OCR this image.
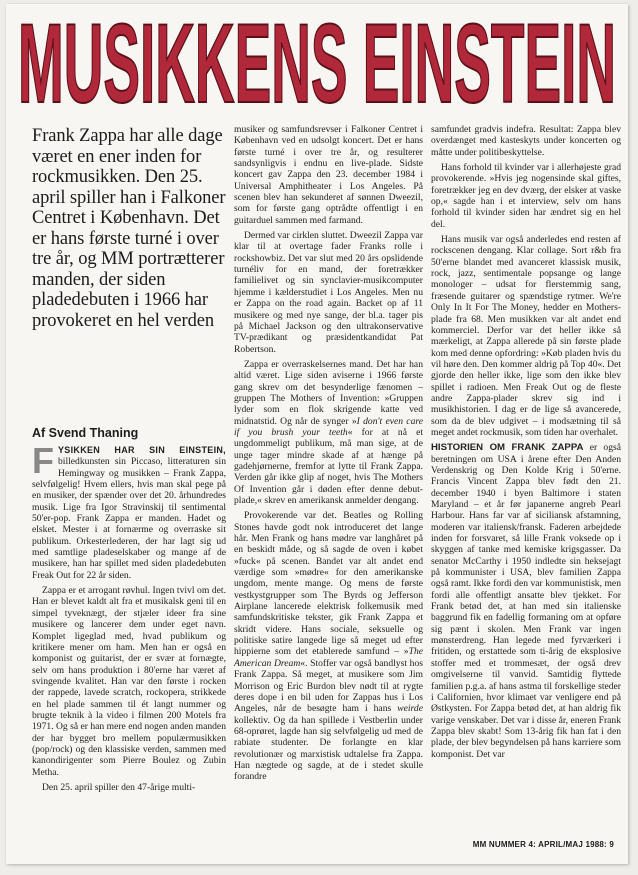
MUSIKKENS EINSTEIN
Frank Zappa har alle dage været en ener inden for rockmusikken. Den 25. april spiller han i Falkoner Centret i København. Det er hans første turné i over tre år, og MM portrætterer manden, der siden pladedebuten i 1966 har provokeret en hel verden
Af Svend Thaning

FYSIKKEN HAR SIN EINSTEIN, billedkunsten sin Piccaso, litteraturen sin Hemingway og musikken – Frank Zappa, selvfølgelig! Hvem ellers, hvis man skal pege på en musiker, der spænder over det 20. århundredes musik. Lige fra Igor Stravinskij til sentimental 50'er-pop. Frank Zappa er manden. Hadet og elsket. Mester i at fornærme og overraske sit publikum. Orkesterlederen, der har lagt sig ud med samtlige pladeselskaber og mange af de musikere, han har spillet med siden pladedebuten Freak Out for 22 år siden.

Zappa er et arrogant røvhul. Ingen tvivl om det. Han er blevet kaldt alt fra et musikalsk geni til en simpel tyveknægt, der stjæler ideer fra sine musikere og lancerer dem under eget navn. Komplet ligeglad med, hvad publikum og kritikere mener om ham. Men han er også en komponist og guitarist, der er svær at fornægte, selv om hans produktion i 80'erne har været af svingende kvalitet. Han var den første i rocken der rappede, lavede scratch, rockopera, strikkede en hel plade sammen til ét langt nummer og brugte teknik à la video i filmen 200 Motels fra 1971. Og så er han mere end nogen anden manden der har bygget bro mellem populærmusikken (pop/rock) og den klassiske verden, sammen med kanondirigenter som Pierre Boulez og Zubin Metha.

Den 25. april spiller den 47-årige multi-

musiker og samfundsrevser i Falkoner Centret i København ved en udsolgt koncert. Det er hans første turné i over tre år, og resulterer sandsynligvis i endnu en live-plade. Sidste koncert gav Zappa den 23. december 1984 i Universal Amphitheater i Los Angeles. På scenen blev han sekunderet af sønnen Dweezil, som for første gang optrådte offentligt i en guitarduel sammen med farmand.

Dermed var cirklen sluttet. Dweezil Zappa var klar til at overtage fader Franks rolle i rockshowbiz. Det var slut med 20 års opslidende turnéliv for en mand, der foretrækker familielivet og sin synclavier-musikcomputer hjemme i kælderstudiet i Los Angeles. Men nu er Zappa on the road again. Backet op af 11 musikere og med nye sange, der bl.a. tager pis på Michael Jackson og den ultrakonservative TV-prædikant og præsidentkandidat Pat Robertson.

Zappa er overraskelsernes mand. Det har han altid været. Lige siden aviserne i 1966 første gang skrev om det besynderlige fænomen – gruppen The Mothers of Invention: »Gruppen lyder som en flok skrigende katte ved midnatstid. Og når de synger »I don't even care if you brush your teeth« for at nå et ungdommeligt publikum, må man sige, at de unge tager mindre skade af at hænge på gadehjørnerne, fremfor at lytte til Frank Zappa. Verden går ikke glip af noget, hvis The Mothers Of Invention går i døden efter denne debut-plade,« skrev en amerikansk anmelder dengang.

Provokerende var det. Beatles og Rolling Stones havde godt nok introduceret det lange hår. Men Frank og hans mødre var langhåret på en beskidt måde, og så sagde de oven i købet »fuck« på scenen. Bandet var alt andet end værdige som »mødre« for den amerikanske ungdom, mente mange. Og mens de første vestkystgrupper som The Byrds og Jefferson Airplane lancerede elektrisk folkemusik med samfundskritiske tekster, gik Frank Zappa et skridt videre. Hans sociale, seksuelle og politiske satire langede lige så meget ud efter hippierne som det etablerede samfund – »The American Dream«. Stoffer var også bandlyst hos Frank Zappa. Så meget, at musikere som Jim Morrison og Eric Burdon blev nødt til at rygte deres dope i en bil uden for Zappas hus i Los Angeles, når de besøgte ham i hans weirde kollektiv. Og da han spillede i Vestberlin under 68-oprøret, lagde han sig selvfølgelig ud med de rabiate studenter. De forlangte en klar revolutionær og marxistisk udtalelse fra Zappa. Han nægtede og sagde, at de i stedet skulle forandre

samfundet gradvis indefra. Resultat: Zappa blev overdænget med kasteskyts under koncerten og måtte under politibeskyttelse.

Hans forhold til kvinder var i allerhøjeste grad provokerende. »Hvis jeg nogensinde skal giftes, foretrækker jeg en dev dværg, der elsker at vaske op,« sagde han i et interview, selv om hans forhold til kvinder siden har ændret sig en hel del.

Hans musik var også anderledes end resten af rockscenen dengang. Klar collage. Sort r&b fra 50'erne blandet med avanceret klassisk musik, rock, jazz, sentimentale popsange og lange monologer – udsat for flerstemmig sang, fræsende guitarer og spændstige rytmer. We're Only In It For The Money, hedder en Mothers-plade fra 68. Men musikken var alt andet end kommerciel. Derfor var det heller ikke så mærkeligt, at Zappa allerede på sin første plade kom med denne opfordring: »Køb pladen hvis du vil høre den. Den kommer aldrig på Top 40«. Det gjorde den heller ikke, lige som den ikke blev spillet i radioen. Men Freak Out og de fleste andre Zappa-plader skrev sig ind i musikhistorien. I dag er de lige så avancerede, som da de blev udgivet – i modsætning til så meget andet rockmusik, som tiden har overhalet.

HISTORIEN OM FRANK ZAPPA er også beretningen om USA i årene efter Den Anden Verdenskrig og Den Kolde Krig i 50'erne. Francis Vincent Zappa blev født den 21. december 1940 i byen Baltimore i staten Maryland – et år før japanerne angreb Pearl Harbour. Hans far var af siciliansk afstamning, moderen var italiensk/fransk. Faderen arbejdede inden for forsvaret, så lille Frank voksede op i skyggen af tanke med kemiske krigsgasser. Da senator McCarthy i 1950 indledte sin heksejagt på kommunister i USA, blev familien Zappa også ramt. Ikke fordi den var kommunistisk, men fordi alle offentligt ansatte blev tjekket. For Frank betød det, at han med sin italienske baggrund fik en fadellig formaning om at opføre sig pænt i skolen. Men Frank var ingen mønsterdreng. Han legede med fyrværkeri i fritiden, og erstattede som ti-årig de eksplosive stoffer med et trommesæt, der også drev omgivelserne til vanvid. Samtidig flyttede familien p.g.a. af hans astma til forskellige steder i Californien, hvor klimaet var venligere end på Østkysten. For Zappa betød det, at han aldrig fik varige venskaber. Det var i disse år, eneren Frank Zappa blev skabt! Som 13-årig fik han fat i den plade, der blev begyndelsen på hans karriere som komponist. Det var

MM NUMMER 4: APRIL/MAJ 1988: 9
